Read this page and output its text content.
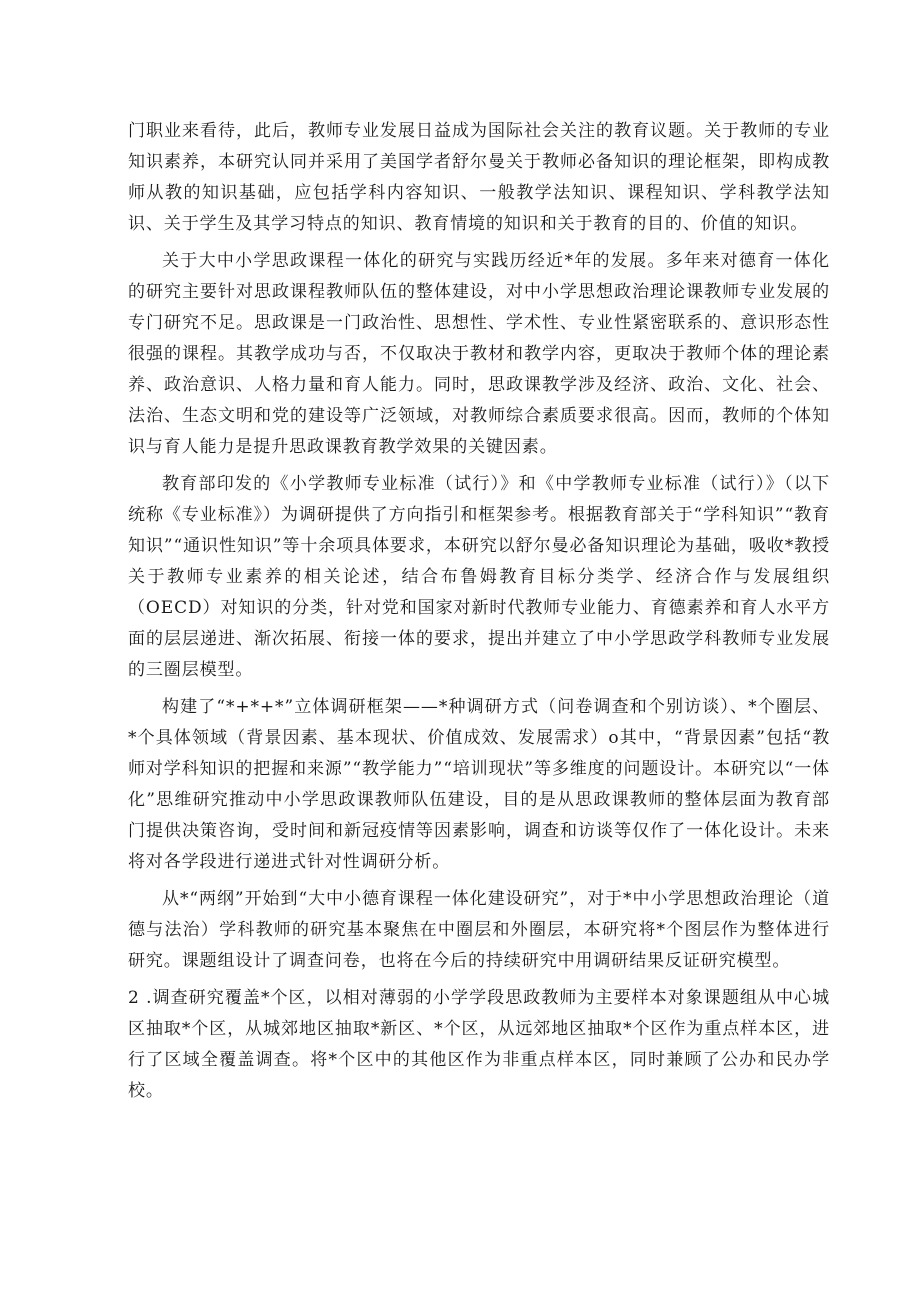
门职业来看待，此后，教师专业发展日益成为国际社会关注的教育议题。关于教师的专业知识素养，本研究认同并采用了美国学者舒尔曼关于教师必备知识的理论框架，即构成教师从教的知识基础，应包括学科内容知识、一般教学法知识、课程知识、学科教学法知识、关于学生及其学习特点的知识、教育情境的知识和关于教育的目的、价值的知识。

关于大中小学思政课程一体化的研究与实践历经近*年的发展。多年来对德育一体化的研究主要针对思政课程教师队伍的整体建设，对中小学思想政治理论课教师专业发展的专门研究不足。思政课是一门政治性、思想性、学术性、专业性紧密联系的、意识形态性很强的课程。其教学成功与否，不仅取决于教材和教学内容，更取决于教师个体的理论素养、政治意识、人格力量和育人能力。同时，思政课教学涉及经济、政治、文化、社会、法治、生态文明和党的建设等广泛领域，对教师综合素质要求很高。因而，教师的个体知识与育人能力是提升思政课教育教学效果的关键因素。

教育部印发的《小学教师专业标准（试行）》和《中学教师专业标准（试行）》（以下统称《专业标准》）为调研提供了方向指引和框架参考。根据教育部关于“学科知识”“教育知识”“通识性知识”等十余项具体要求，本研究以舒尔曼必备知识理论为基础，吸收*教授关于教师专业素养的相关论述，结合布鲁姆教育目标分类学、经济合作与发展组织（OECD）对知识的分类，针对党和国家对新时代教师专业能力、育德素养和育人水平方面的层层递进、渐次拓展、衔接一体的要求，提出并建立了中小学思政学科教师专业发展的三圈层模型。

构建了“*+*+*”立体调研框架——*种调研方式（问卷调查和个别访谈）、*个圈层、*个具体领域（背景因素、基本现状、价值成效、发展需求）o其中，“背景因素”包括“教师对学科知识的把握和来源”“教学能力”“培训现状”等多维度的问题设计。本研究以“一体化”思维研究推动中小学思政课教师队伍建设，目的是从思政课教师的整体层面为教育部门提供决策咨询，受时间和新冠疫情等因素影响，调查和访谈等仅作了一体化设计。未来将对各学段进行递进式针对性调研分析。

从*“两纲”开始到“大中小德育课程一体化建设研究”，对于*中小学思想政治理论（道德与法治）学科教师的研究基本聚焦在中圈层和外圈层，本研究将*个图层作为整体进行研究。课题组设计了调查问卷，也将在今后的持续研究中用调研结果反证研究模型。

2 .调查研究覆盖*个区，以相对薄弱的小学学段思政教师为主要样本对象课题组从中心城区抽取*个区，从城郊地区抽取*新区、*个区，从远郊地区抽取*个区作为重点样本区，进行了区域全覆盖调查。将*个区中的其他区作为非重点样本区，同时兼顾了公办和民办学校。
